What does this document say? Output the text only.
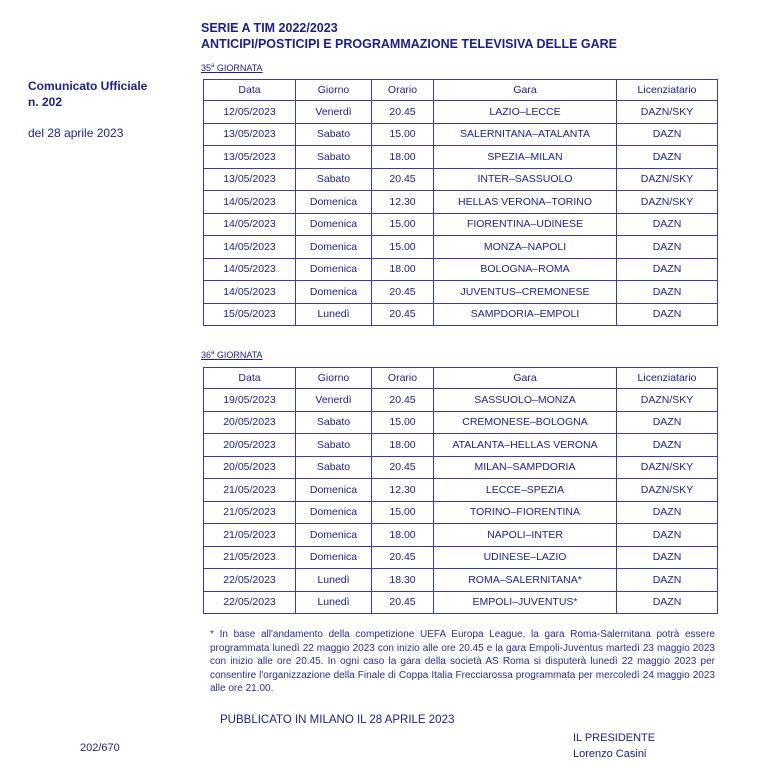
Comunicato Ufficiale
n. 202
del 28 aprile 2023
SERIE A TIM 2022/2023
ANTICIPI/POSTICIPI E PROGRAMMAZIONE TELEVISIVA DELLE GARE
35$^a$ GIORNATA
Data	Giorno	Orario	Gara	Licenziatario
12/05/2023	Venerdì	20.45	LAZIO–LECCE	DAZN/SKY
13/05/2023	Sabato	15.00	SALERNITANA–ATALANTA	DAZN
13/05/2023	Sabato	18.00	SPEZIA–MILAN	DAZN
13/05/2023	Sabato	20.45	INTER–SASSUOLO	DAZN/SKY
14/05/2023	Domenica	12.30	HELLAS VERONA–TORINO	DAZN/SKY
14/05/2023	Domenica	15.00	FIORENTINA–UDINESE	DAZN
14/05/2023	Domenica	15.00	MONZA–NAPOLI	DAZN
14/05/2023	Domenica	18.00	BOLOGNA–ROMA	DAZN
14/05/2023	Domenica	20.45	JUVENTUS–CREMONESE	DAZN
15/05/2023	Lunedì	20.45	SAMPDORIA–EMPOLI	DAZN
36$^a$ GIORNATA
Data	Giorno	Orario	Gara	Licenziatario
19/05/2023	Venerdì	20.45	SASSUOLO–MONZA	DAZN/SKY
20/05/2023	Sabato	15.00	CREMONESE–BOLOGNA	DAZN
20/05/2023	Sabato	18.00	ATALANTA–HELLAS VERONA	DAZN
20/05/2023	Sabato	20.45	MILAN–SAMPDORIA	DAZN/SKY
21/05/2023	Domenica	12.30	LECCE–SPEZIA	DAZN/SKY
21/05/2023	Domenica	15.00	TORINO–FIORENTINA	DAZN
21/05/2023	Domenica	18.00	NAPOLI–INTER	DAZN
21/05/2023	Domenica	20.45	UDINESE–LAZIO	DAZN
22/05/2023	Lunedì	18.30	ROMA–SALERNITANA*	DAZN
22/05/2023	Lunedì	20.45	EMPOLI–JUVENTUS*	DAZN
* In base all'andamento della competizione UEFA Europa League, la gara Roma-Salernitana potrà essere programmata lunedì 22 maggio 2023 con inizio alle ore 20.45 e la gara Empoli-Juventus martedì 23 maggio 2023 con inizio alle ore 20.45. In ogni caso la gara della società AS Roma si disputerà lunedì 22 maggio 2023 per consentire l'organizzazione della Finale di Coppa Italia Frecciarossa programmata per mercoledì 24 maggio 2023 alle ore 21.00.
PUBBLICATO IN MILANO IL 28 APRILE 2023
IL PRESIDENTE
Lorenzo Casini
202/670
